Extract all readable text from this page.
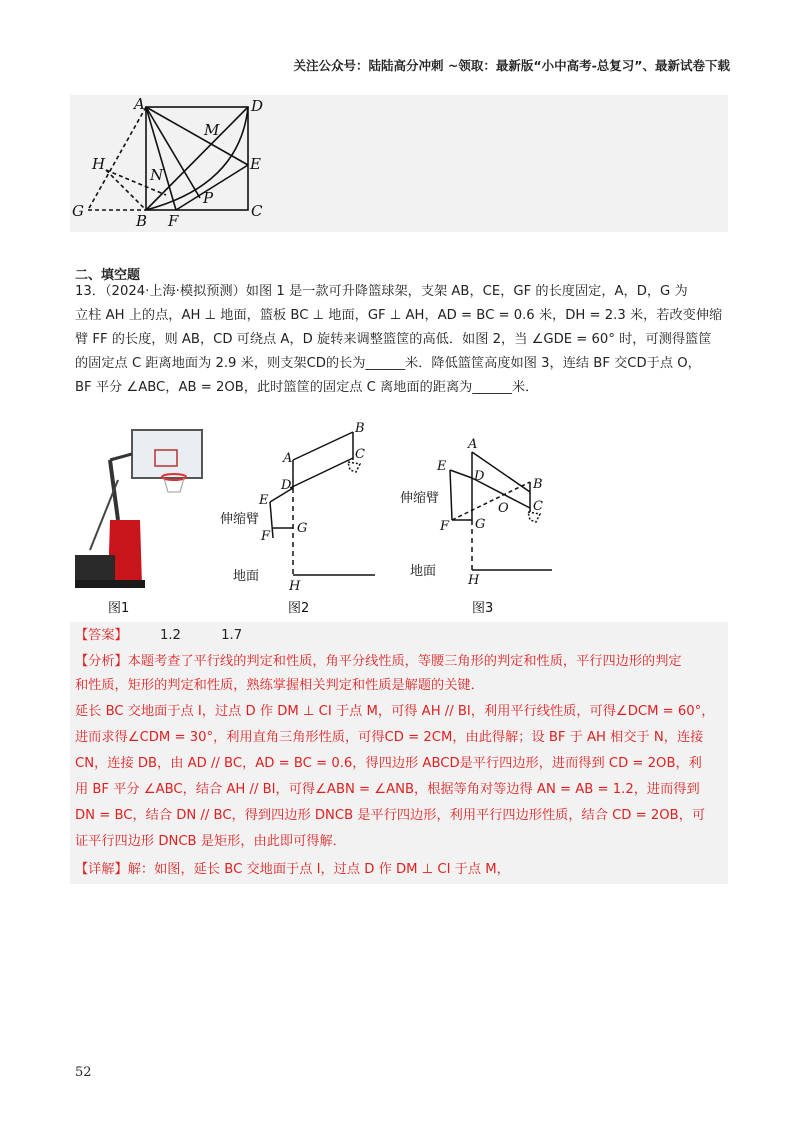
关注公众号：陆陆高分冲刺 ~领取：最新版“小中高考-总复习”、最新试卷下载
A	D
M
H	E
N
P
G
B F
C
二、填空题

13．（2024·上海·模拟预测）如图 1 是一款可升降篮球架，支架 AB，CE，GF 的长度固定，A，D，G 为

立柱 AH 上的点，AH ⊥ 地面，篮板 BC ⊥ 地面，GF ⊥ AH，AD = BC = 0.6 米，DH = 2.3 米，若改变伸缩

臂 FF 的长度，则 AB，CD 可绕点 A，D 旋转来调整篮筐的高低．如图 2，当 ∠GDE = 60° 时，可测得篮筐

的固定点 C 距离地面为 2.9 米，则支架CD的长为______米．降低篮筐高度如图 3，连结 BF 交CD于点 O，

BF 平分 ∠ABC，AB = 2OB，此时篮筐的固定点 C 离地面的距离为______米．

A
B
C
D
E
F
G
H
伸缩臂
地面
A
B
C
D
E
F G
H
O
伸缩臂
地面
图1	图2	图3
【答案】 1.2	1.7
【分析】本题考查了平行线的判定和性质，角平分线性质，等腰三角形的判定和性质，平行四边形的判定
和性质，矩形的判定和性质，熟练掌握相关判定和性质是解题的关键．
延长 BC 交地面于点 I，过点 D 作 DM ⊥ CI 于点 M，可得 AH // BI，利用平行线性质，可得∠DCM = 60°，
进而求得∠CDM = 30°，利用直角三角形性质，可得CD = 2CM，由此得解；设 BF 于 AH 相交于 N，连接
CN，连接 DB，由 AD // BC，AD = BC = 0.6，得四边形 ABCD是平行四边形，进而得到 CD = 2OB，利
用 BF 平分 ∠ABC，结合 AH // BI，可得∠ABN = ∠ANB，根据等角对等边得 AN = AB = 1.2，进而得到
DN = BC，结合 DN // BC，得到四边形 DNCB 是平行四边形，利用平行四边形性质，结合 CD = 2OB，可
证平行四边形 DNCB 是矩形，由此即可得解．
【详解】解：如图，延长 BC 交地面于点 I，过点 D 作 DM ⊥ CI 于点 M，
52
